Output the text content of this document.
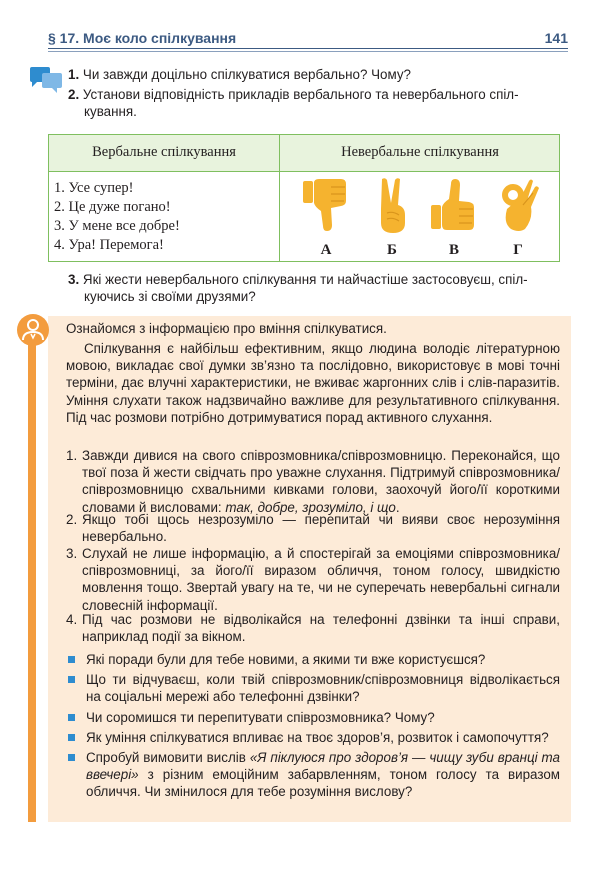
§ 17. Моє коло спілкування	141
1. Чи завжди доцільно спілкуватися вербально? Чому?
2. Установи відповідність прикладів вербального та невербального спіл-
кування.
Вербальне спілкування	Невербальне спілкування
1. Усе супер!
2. Це дуже погано!
3. У мене все добре!
4. Ура! Перемога!	А	Б	В	Г
3. Які жести невербального спілкування ти найчастіше застосовуєш, спіл-
куючись зі своїми друзями?
Ознайомся з інформацією про вміння спілкуватися.
Спілкування є найбільш ефективним, якщо людина володіє літературною мовою, викладає свої думки зв’язно та послідовно, використовує в мові точні терміни, дає влучні характеристики, не вживає жаргонних слів і слів-паразитів. Уміння слухати також надзвичайно важливе для результативного спілкування. Під час розмови потрібно дотримуватися порад активного слухання.
1. Завжди дивися на свого співрозмовника/співрозмовницю. Переконайся, що твої поза й жести свідчать про уважне слухання. Підтримуй співрозмовника/співрозмовницю схвальними кивками голови, заохочуй його/її короткими словами й висловами: так, добре, зрозуміло, і що.
2. Якщо тобі щось незрозуміло — перепитай чи вияви своє нерозуміння невербально.
3. Слухай не лише інформацію, а й спостерігай за емоціями співрозмовника/співрозмовниці, за його/її виразом обличчя, тоном голосу, швидкістю мовлення тощо. Звертай увагу на те, чи не суперечать невербальні сигнали словесній інформації.
4. Під час розмови не відволікайся на телефонні дзвінки та інші справи, наприклад події за вікном.
Які поради були для тебе новими, а якими ти вже користуєшся?
Що ти відчуваєш, коли твій співрозмовник/співрозмовниця відволікається на соціальні мережі або телефонні дзвінки?
Чи соромишся ти перепитувати співрозмовника? Чому?
Як уміння спілкуватися впливає на твоє здоров’я, розвиток і самопочуття?
Спробуй вимовити вислів «Я піклуюся про здоров’я — чищу зуби вранці та ввечері» з різним емоційним забарвленням, тоном голосу та виразом обличчя. Чи змінилося для тебе розуміння вислову?
